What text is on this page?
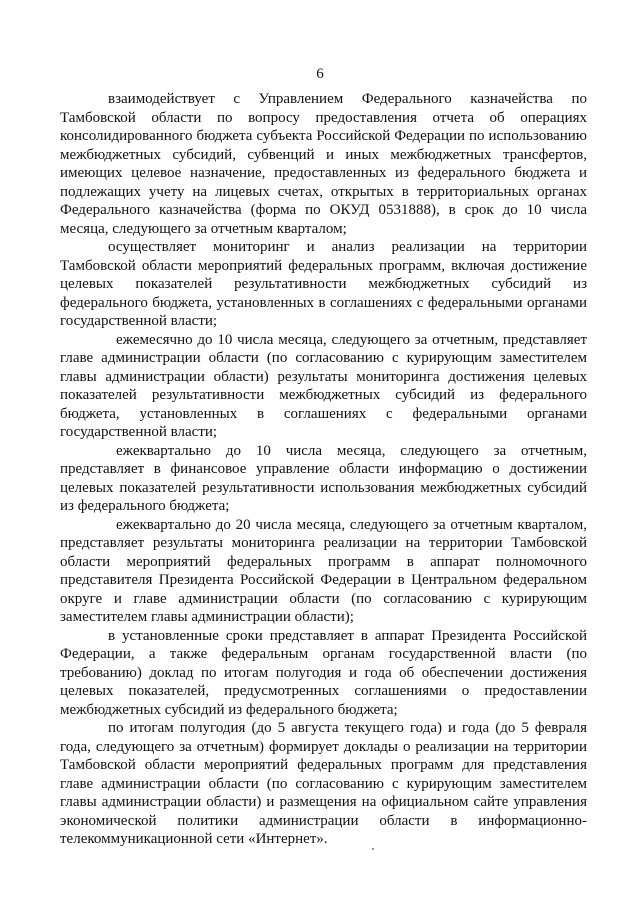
6

взаимодействует с Управлением Федерального казначейства по Тамбовской области по вопросу предоставления отчета об операциях консолидированного бюджета субъекта Российской Федерации по использованию межбюджетных субсидий, субвенций и иных межбюджетных трансфертов, имеющих целевое назначение, предоставленных из федерального бюджета и подлежащих учету на лицевых счетах, открытых в территориальных органах Федерального казначейства (форма по ОКУД 0531888), в срок до 10 числа месяца, следующего за отчетным кварталом;

осуществляет мониторинг и анализ реализации на территории Тамбовской области мероприятий федеральных программ, включая достижение целевых показателей результативности межбюджетных субсидий из федерального бюджета, установленных в соглашениях с федеральными органами государственной власти;

ежемесячно до 10 числа месяца, следующего за отчетным, представляет главе администрации области (по согласованию с курирующим заместителем главы администрации области) результаты мониторинга достижения целевых показателей результативности межбюджетных субсидий из федерального бюджета, установленных в соглашениях с федеральными органами государственной власти;

ежеквартально до 10 числа месяца, следующего за отчетным, представляет в финансовое управление области информацию о достижении целевых показателей результативности использования межбюджетных субсидий из федерального бюджета;

ежеквартально до 20 числа месяца, следующего за отчетным кварталом, представляет результаты мониторинга реализации на территории Тамбовской области мероприятий федеральных программ в аппарат полномочного представителя Президента Российской Федерации в Центральном федеральном округе и главе администрации области (по согласованию с курирующим заместителем главы администрации области);

в установленные сроки представляет в аппарат Президента Российской Федерации, а также федеральным органам государственной власти (по требованию) доклад по итогам полугодия и года об обеспечении достижения целевых показателей, предусмотренных соглашениями о предоставлении межбюджетных субсидий из федерального бюджета;

по итогам полугодия (до 5 августа текущего года) и года (до 5 февраля года, следующего за отчетным) формирует доклады о реализации на территории Тамбовской области мероприятий федеральных программ для представления главе администрации области (по согласованию с курирующим заместителем главы администрации области) и размещения на официальном сайте управления экономической политики администрации области в информационно-телекоммуникационной сети «Интернет».
